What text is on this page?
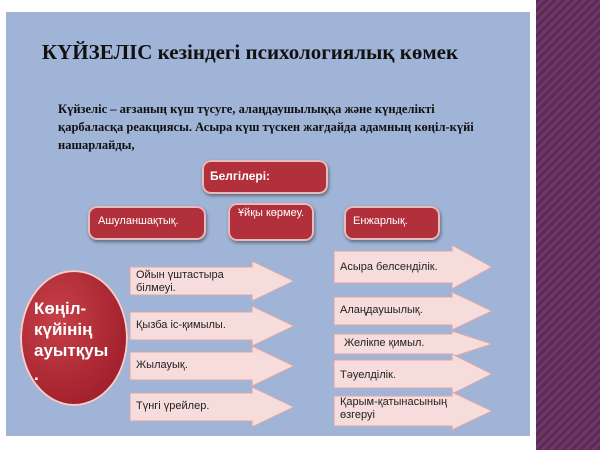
КҮЙЗЕЛІС кезіндегі психологиялық көмек
Күйзеліс – ағзаның күш түсуге, алаңдаушылыққа және күнделікті қарбаласқа реакциясы. Асыра күш түскен жағдайда адамның көңіл-күйі нашарлайды,
Белгілері:
Ашуланшақтық.
Ұйқы көрмеу.
Енжарлық.
Көңіл-күйінің ауытқуы
.
Ойын үштастыра білмеуі.
Қызба іс-қимылы.
Жылауық.
Түнгі үрейлер.
Асыра белсенділік.
Алаңдаушылық.
Желікпе қимыл.
Тәуелділік.
Қарым-қатынасының өзгеруі
